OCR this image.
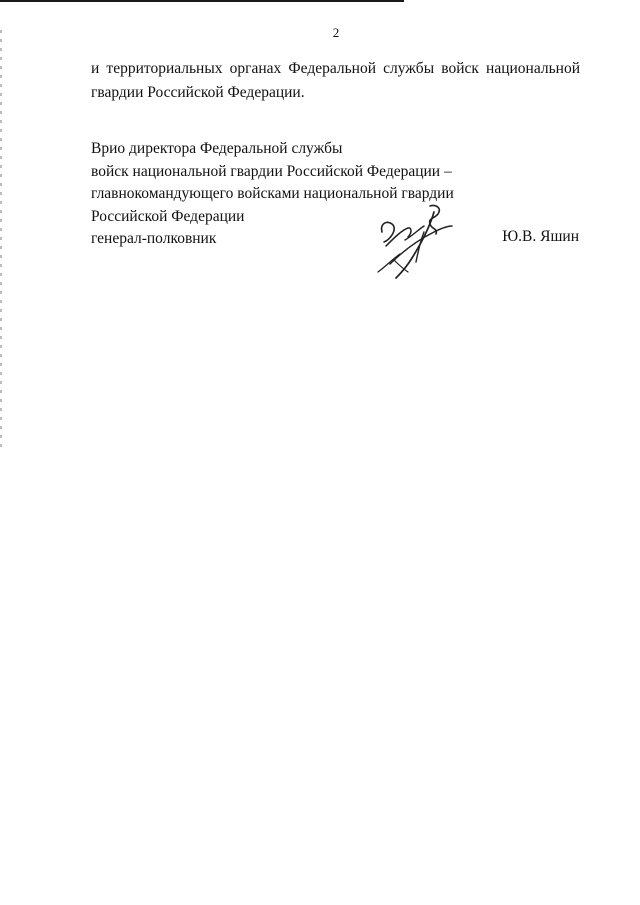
2

и территориальных органах Федеральной службы войск национальной
гвардии Российской Федерации.

Врио директора Федеральной службы
войск национальной гвардии Российской Федерации –
главнокомандующего войсками национальной гвардии
Российской Федерации
генерал-полковник	Ю.В. Яшин
